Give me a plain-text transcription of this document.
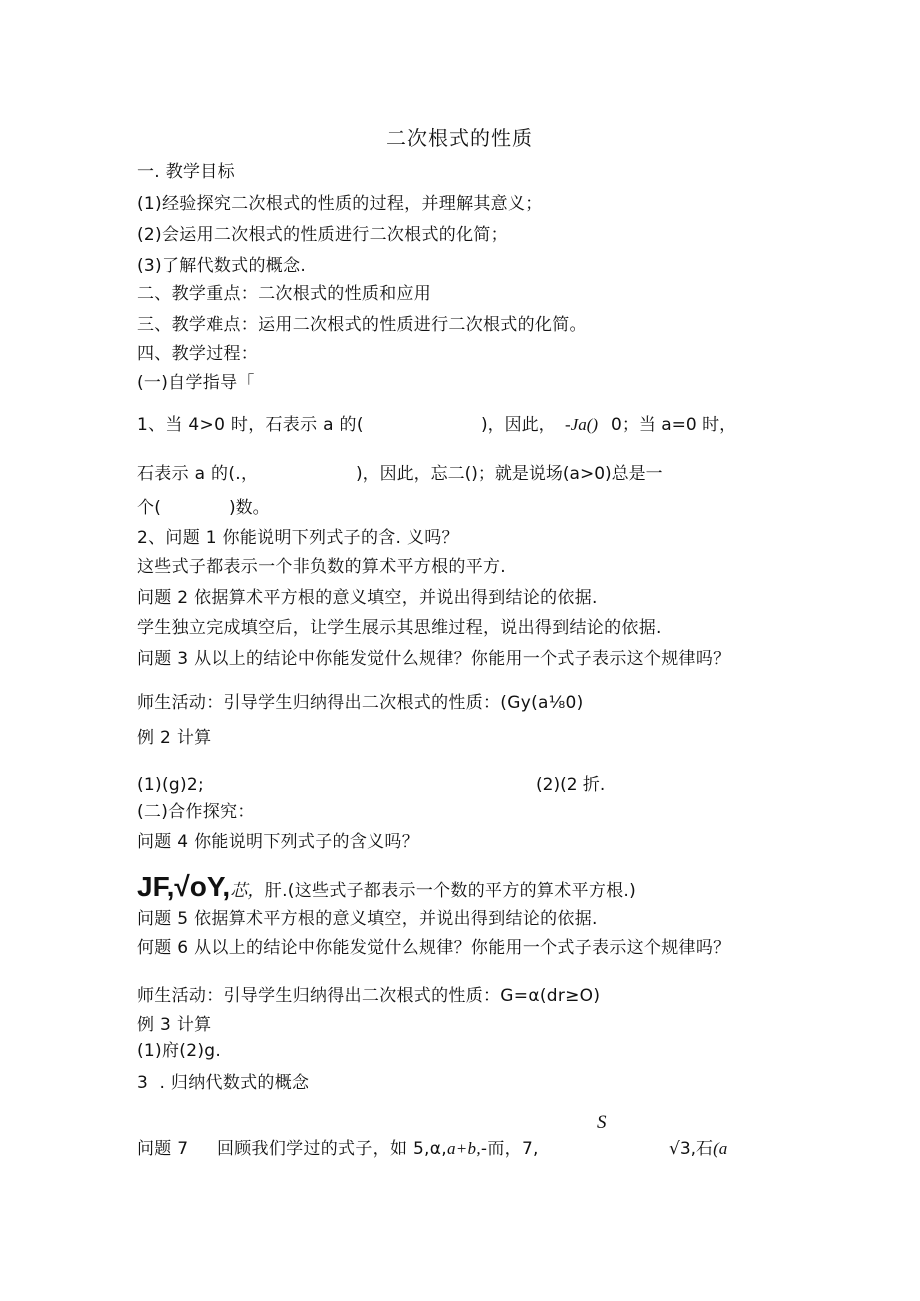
二次根式的性质
一. 教学目标
(1)经验探究二次根式的性质的过程，并理解其意义；
(2)会运用二次根式的性质进行二次根式的化简；
(3)了解代数式的概念.
二、教学重点：二次根式的性质和应用
三、教学难点：运用二次根式的性质进行二次根式的化简。
四、教学过程：
(一)自学指导「
1、当 4>0 时，石表示 a 的(	)，因此， -Ja() 0；当 a=0 时，
石表示 a 的(.，	)，因此，忘二()；就是说场(a>0)总是一
个(	)数。
2、问题 1 你能说明下列式子的含. 义吗？
这些式子都表示一个非负数的算术平方根的平方.
问题 2 依据算术平方根的意义填空，并说出得到结论的依据.
学生独立完成填空后，让学生展示其思维过程，说出得到结论的依据.
问题 3 从以上的结论中你能发觉什么规律？你能用一个式子表示这个规律吗？
师生活动：引导学生归纳得出二次根式的性质：(Gy(a⅛0)
例 2 计算
(1)(g)2;	(2)(2 折.
(二)合作探究：
问题 4 你能说明下列式子的含义吗？
JF,√oY,芯，肝.(这些式子都表示一个数的平方的算术平方根.)
问题 5 依据算术平方根的意义填空，并说出得到结论的依据.
何题 6 从以上的结论中你能发觉什么规律？你能用一个式子表示这个规律吗？
师生活动：引导学生归纳得出二次根式的性质：G=α(dr≥O)
例 3 计算
(1)府(2)g.
3  . 归纳代数式的概念
S
问题 7     回顾我们学过的式子，如 5,α,a+b,-而，7,	√3,石(a
